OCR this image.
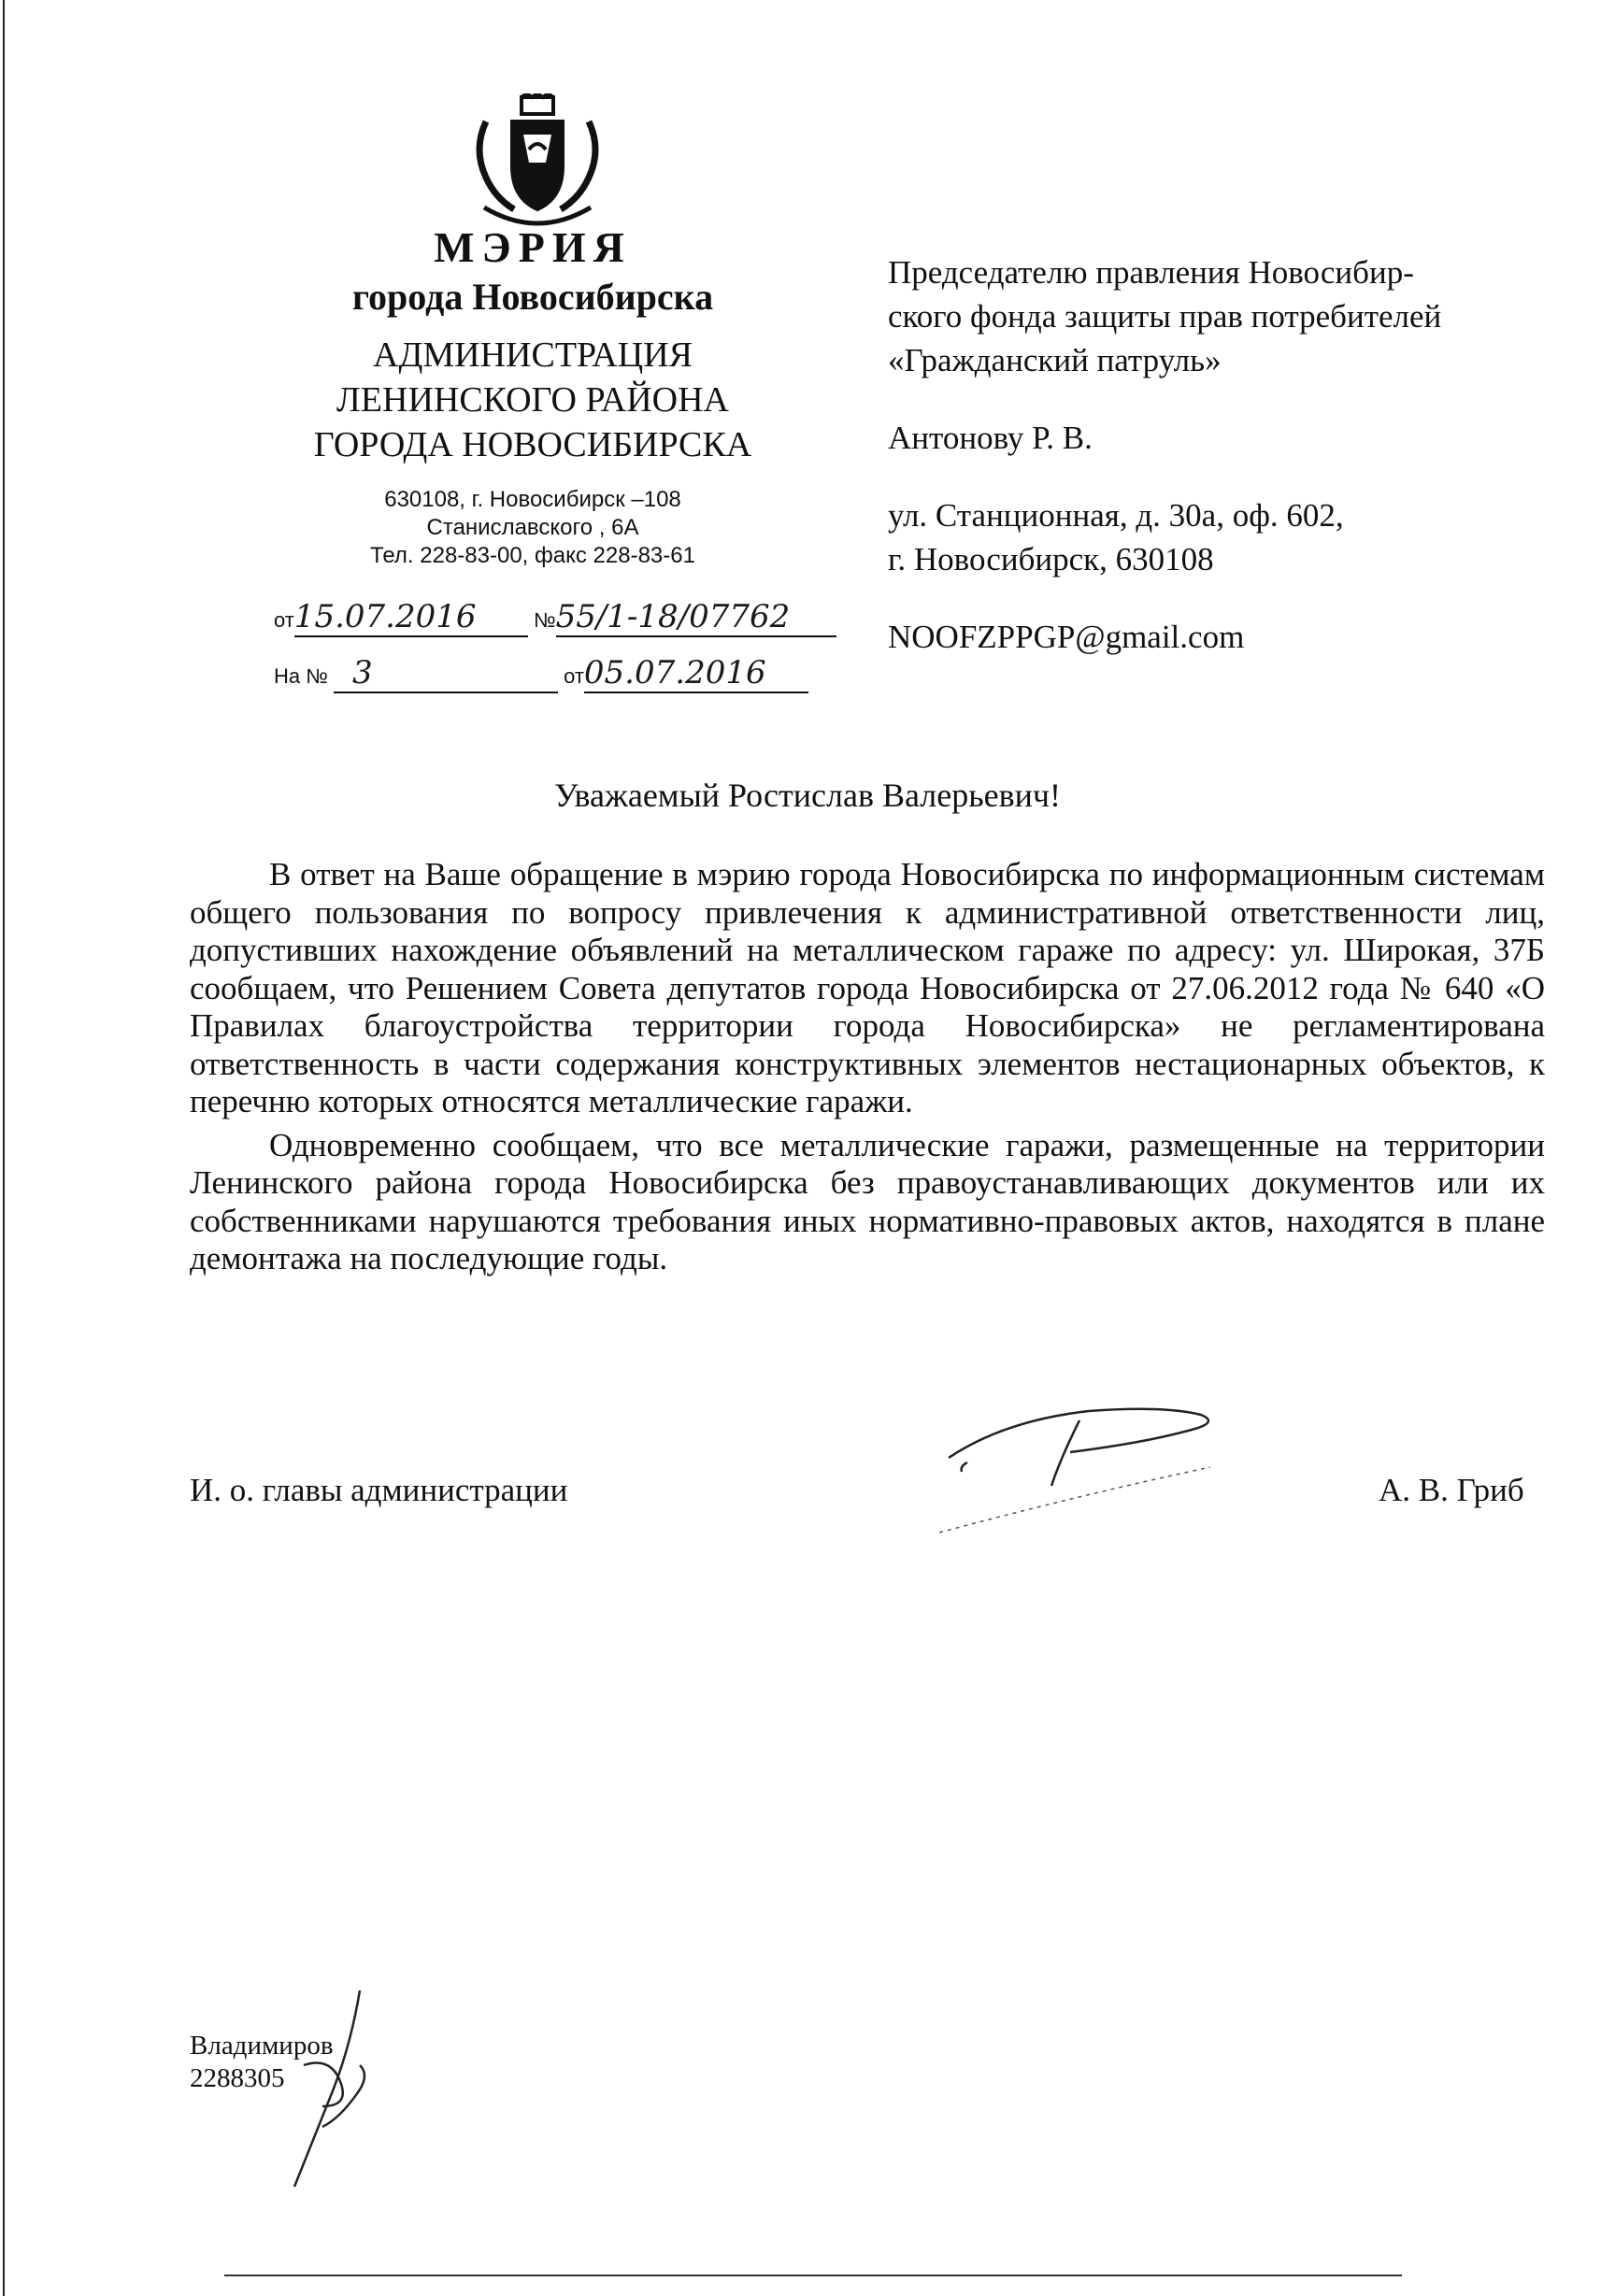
МЭРИЯ
города Новосибирска
АДМИНИСТРАЦИЯ
ЛЕНИНСКОГО РАЙОНА
ГОРОДА НОВОСИБИРСКА
630108, г. Новосибирск –108
Станиславского , 6А
Тел. 228-83-00, факс 228-83-61
от15.07.2016	№55/1-18/07762
На № 3	от05.07.2016

Председателю правления Новосибир-

ского фонда защиты прав потребителей

«Гражданский патруль»

Антонову Р. В.

ул. Станционная, д. 30а, оф. 602,

г. Новосибирск, 630108

NOOFZPPGP@gmail.com

Уважаемый Ростислав Валерьевич!

В ответ на Ваше обращение в мэрию города Новосибирска по информационным системам общего пользования по вопросу привлечения к административной ответственности лиц, допустивших нахождение объявлений на металлическом гараже по адресу: ул. Широкая, 37Б сообщаем, что Решением Совета депутатов города Новосибирска от 27.06.2012 года № 640 «О Правилах благоустройства территории города Новосибирска» не регламентирована ответственность в части содержания конструктивных элементов нестационарных объектов, к перечню которых относятся металлические гаражи.

Одновременно сообщаем, что все металлические гаражи, размещенные на территории Ленинского района города Новосибирска без правоустанавливающих документов или их собственниками нарушаются требования иных нормативно-правовых актов, находятся в плане демонтажа на последующие годы.

И. о. главы администрации	А. В. Гриб
Владимиров
2288305
